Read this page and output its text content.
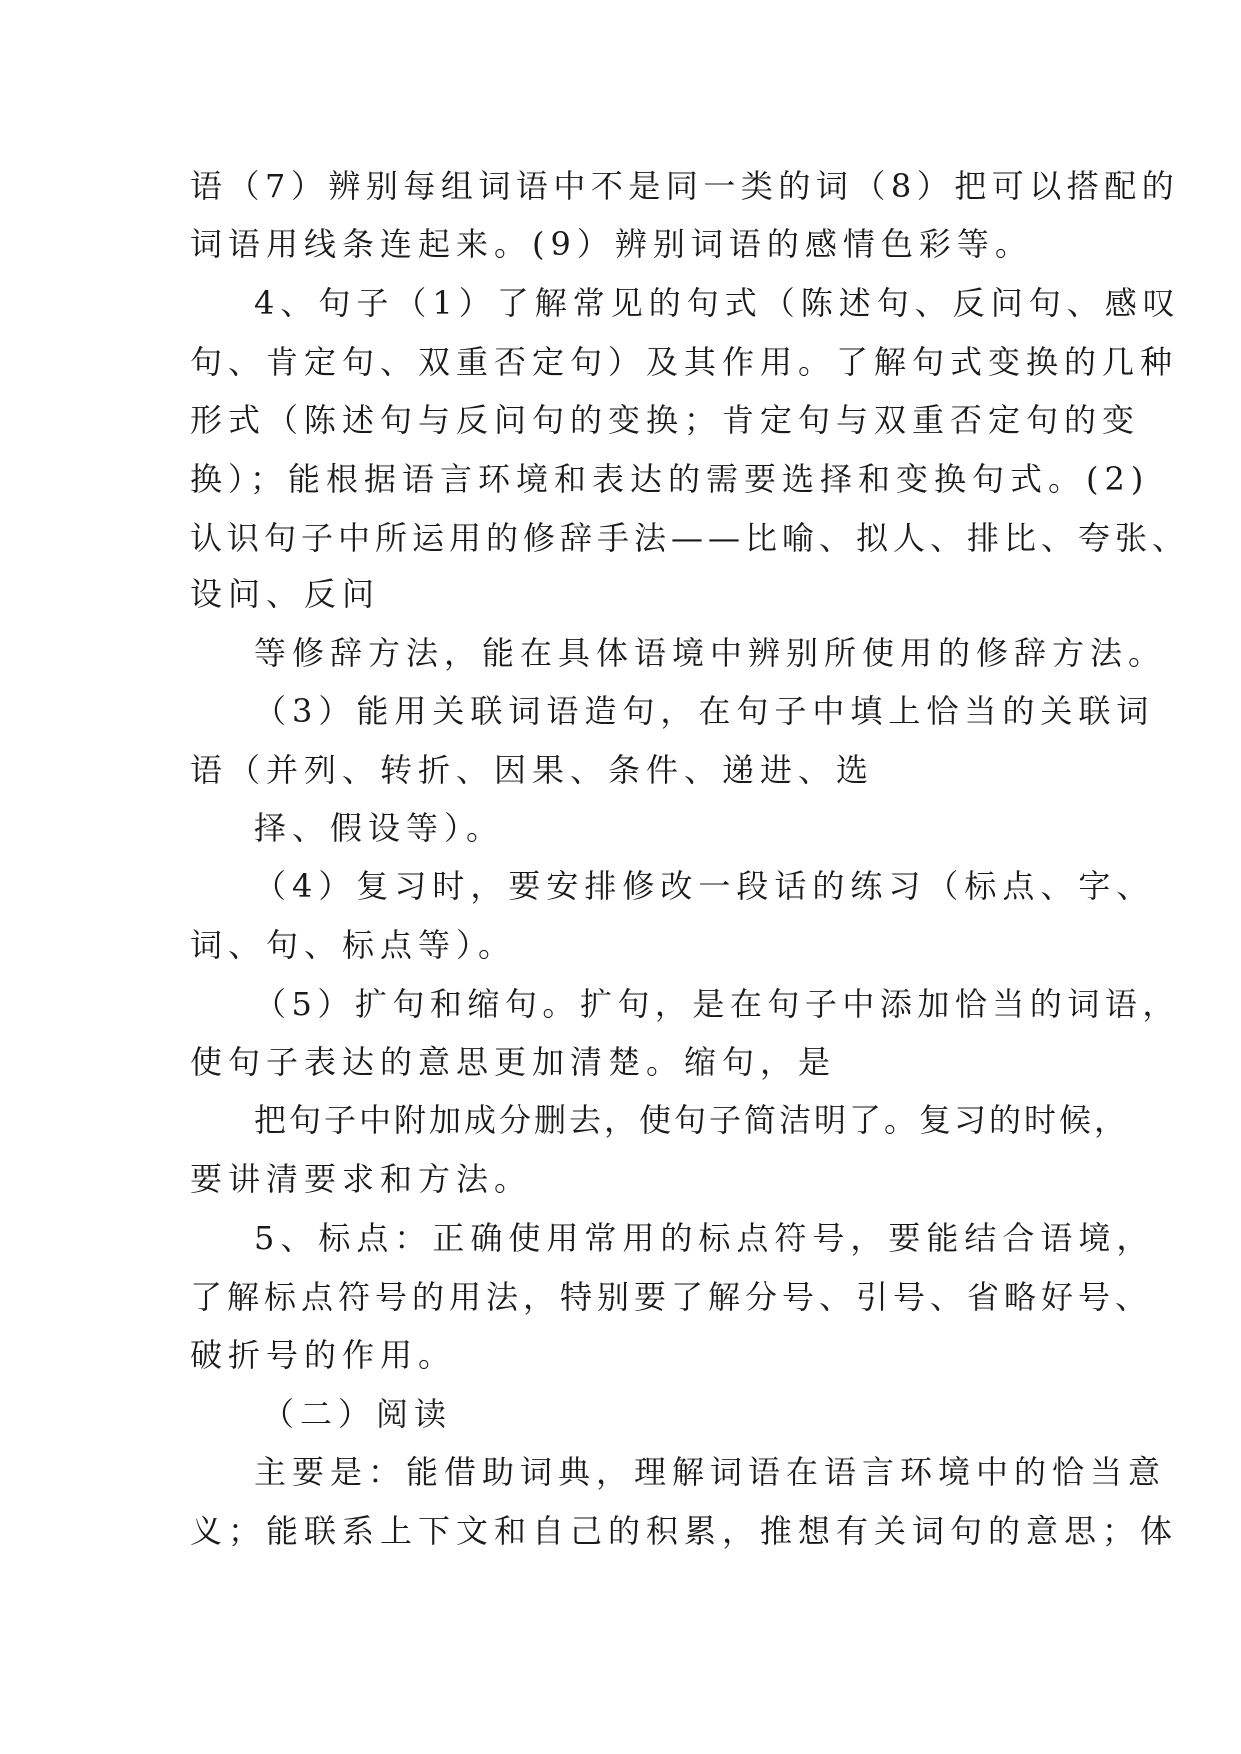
语（7）辨别每组词语中不是同一类的词（8）把可以搭配的

词语用线条连起来。(9）辨别词语的感情色彩等。

4、句子（1）了解常见的句式（陈述句、反问句、感叹

句、肯定句、双重否定句）及其作用。了解句式变换的几种

形式（陈述句与反问句的变换；肯定句与双重否定句的变

换）；能根据语言环境和表达的需要选择和变换句式。(2)

认识句子中所运用的修辞手法——比喻、拟人、排比、夸张、

设问、反问

等修辞方法，能在具体语境中辨别所使用的修辞方法。

（3）能用关联词语造句，在句子中填上恰当的关联词

语（并列、转折、因果、条件、递进、选

择、假设等）。

（4）复习时，要安排修改一段话的练习（标点、字、

词、句、标点等）。

（5）扩句和缩句。扩句，是在句子中添加恰当的词语，

使句子表达的意思更加清楚。缩句，是

把句子中附加成分删去，使句子简洁明了。复习的时候，

要讲清要求和方法。

5、标点：正确使用常用的标点符号，要能结合语境，

了解标点符号的用法，特别要了解分号、引号、省略好号、

破折号的作用。

（二）阅读

主要是：能借助词典，理解词语在语言环境中的恰当意

义；能联系上下文和自己的积累，推想有关词句的意思；体
